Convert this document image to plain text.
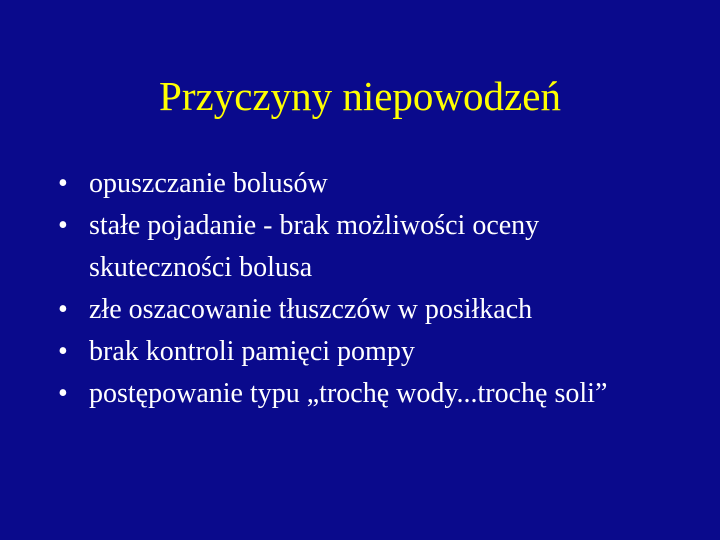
Przyczyny niepowodzeń
• opuszczanie bolusów
• stałe pojadanie - brak możliwości oceny skuteczności bolusa
• złe oszacowanie tłuszczów w posiłkach
• brak kontroli pamięci pompy
• postępowanie typu „trochę wody...trochę soli”
